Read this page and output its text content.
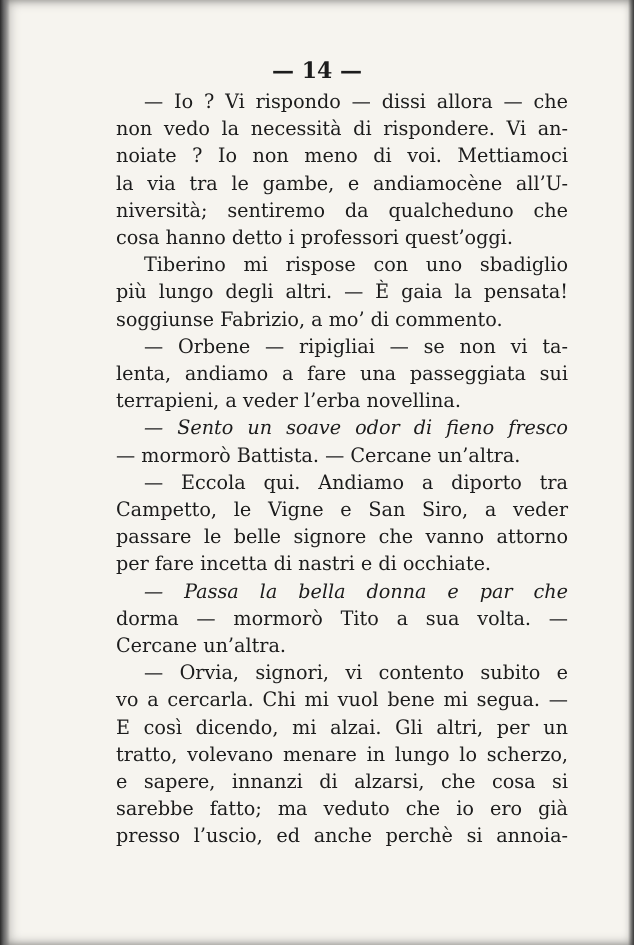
— 14 —
— Io ? Vi rispondo — dissi allora — che
non vedo la necessità di rispondere. Vi an-
noiate ? Io non meno di voi. Mettiamoci
la via tra le gambe, e andiamocène all’U-
niversità; sentiremo da qualcheduno che
cosa hanno detto i professori quest’oggi.
Tiberino mi rispose con uno sbadiglio
più lungo degli altri. — È gaia la pensata!
soggiunse Fabrizio, a mo’ di commento.
— Orbene — ripigliai — se non vi ta-
lenta, andiamo a fare una passeggiata sui
terrapieni, a veder l’erba novellina.
— Sento un soave odor di fieno fresco
— mormorò Battista. — Cercane un’altra.
— Eccola qui. Andiamo a diporto tra
Campetto, le Vigne e San Siro, a veder
passare le belle signore che vanno attorno
per fare incetta di nastri e di occhiate.
— Passa la bella donna e par che
dorma — mormorò Tito a sua volta. —
Cercane un’altra.
— Orvia, signori, vi contento subito e
vo a cercarla. Chi mi vuol bene mi segua. —
E così dicendo, mi alzai. Gli altri, per un
tratto, volevano menare in lungo lo scherzo,
e sapere, innanzi di alzarsi, che cosa si
sarebbe fatto; ma veduto che io ero già
presso l’uscio, ed anche perchè si annoia-
